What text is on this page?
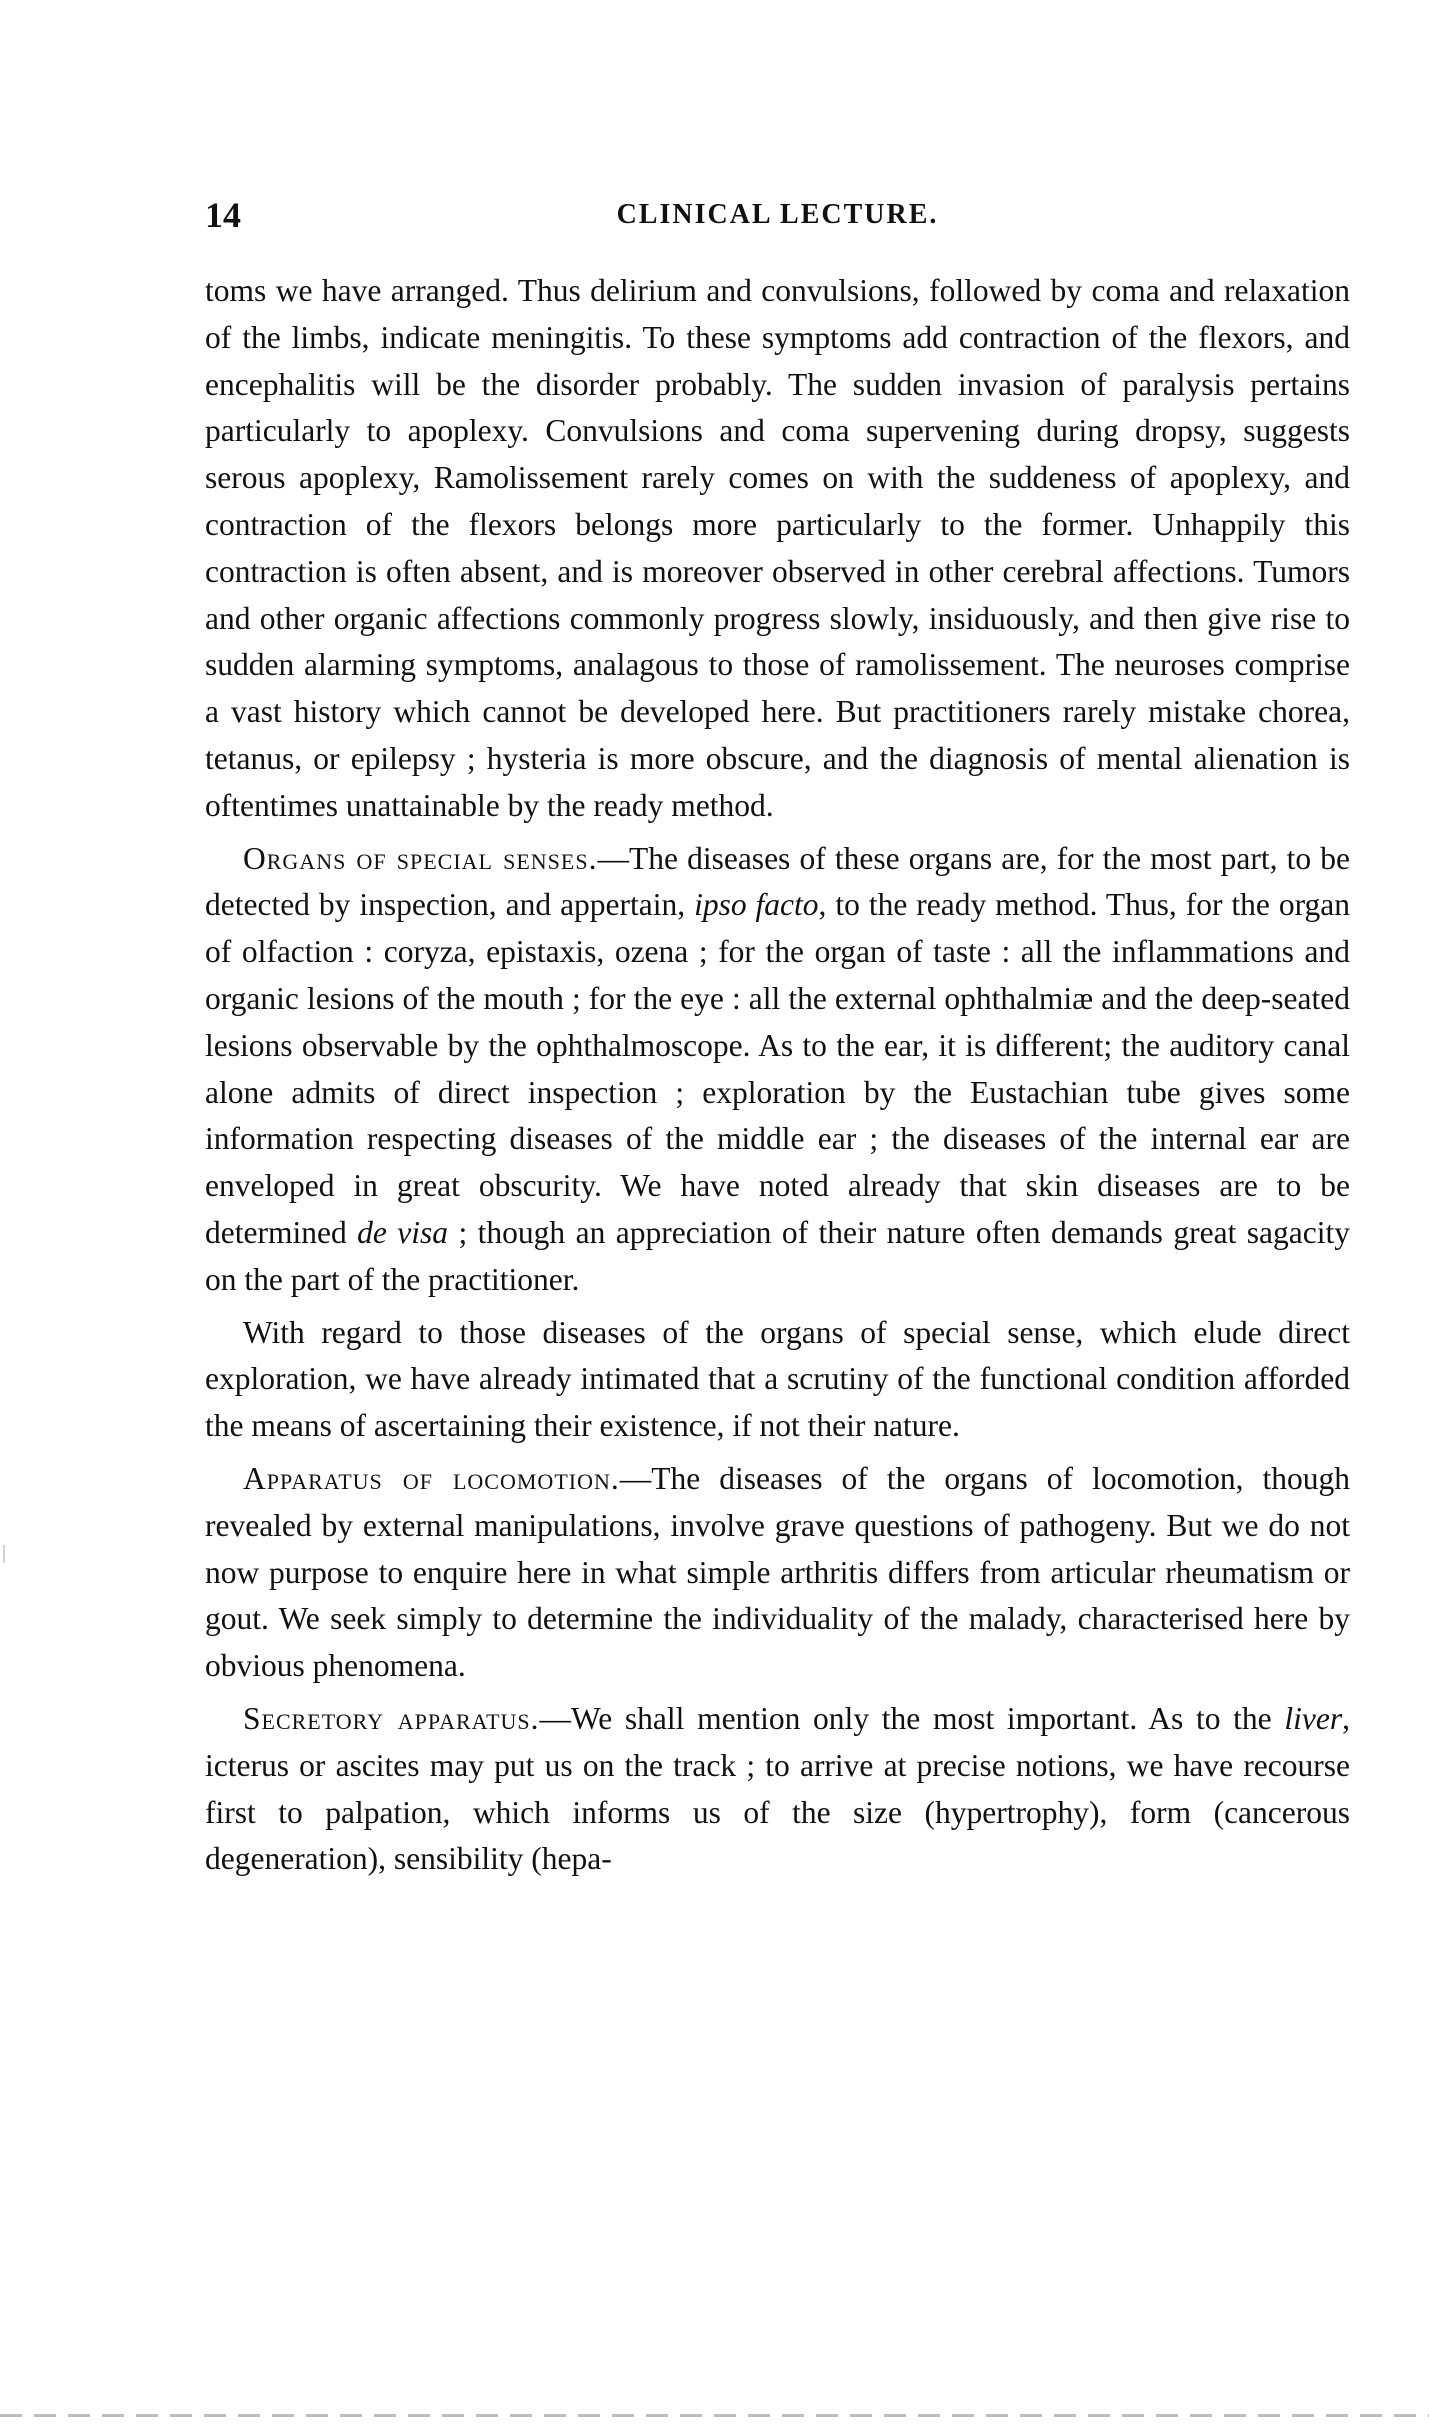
14	CLINICAL LECTURE.

toms we have arranged. Thus delirium and convulsions, followed by coma and relaxation of the limbs, indicate meningitis. To these symptoms add contraction of the flexors, and encephalitis will be the disorder probably. The sudden invasion of paralysis pertains particularly to apoplexy. Convulsions and coma supervening during dropsy, suggests serous apoplexy, Ramolissement rarely comes on with the suddeness of apoplexy, and contraction of the flexors belongs more particularly to the former. Unhappily this contraction is often absent, and is moreover observed in other cerebral affections. Tumors and other organic affections commonly progress slowly, insiduously, and then give rise to sudden alarming symptoms, analagous to those of ramolissement. The neuroses comprise a vast history which cannot be developed here. But practitioners rarely mistake chorea, tetanus, or epilepsy ; hysteria is more obscure, and the diagnosis of mental alienation is oftentimes unattainable by the ready method.

Organs of special senses.—The diseases of these organs are, for the most part, to be detected by inspection, and appertain, ipso facto, to the ready method. Thus, for the organ of olfaction : coryza, epistaxis, ozena ; for the organ of taste : all the inflammations and organic lesions of the mouth ; for the eye : all the external ophthalmiæ and the deep-seated lesions observable by the ophthalmoscope. As to the ear, it is different; the auditory canal alone admits of direct inspection ; exploration by the Eustachian tube gives some information respecting diseases of the middle ear ; the diseases of the internal ear are enveloped in great obscurity. We have noted already that skin diseases are to be determined de visa ; though an appreciation of their nature often demands great sagacity on the part of the practitioner.

With regard to those diseases of the organs of special sense, which elude direct exploration, we have already intimated that a scrutiny of the functional condition afforded the means of ascertaining their existence, if not their nature.

Apparatus of locomotion.—The diseases of the organs of locomotion, though revealed by external manipulations, involve grave questions of pathogeny. But we do not now purpose to enquire here in what simple arthritis differs from articular rheumatism or gout. We seek simply to determine the individuality of the malady, characterised here by obvious phenomena.

Secretory apparatus.—We shall mention only the most important. As to the liver, icterus or ascites may put us on the track ; to arrive at precise notions, we have recourse first to palpation, which informs us of the size (hypertrophy), form (cancerous degeneration), sensibility (hepa-
